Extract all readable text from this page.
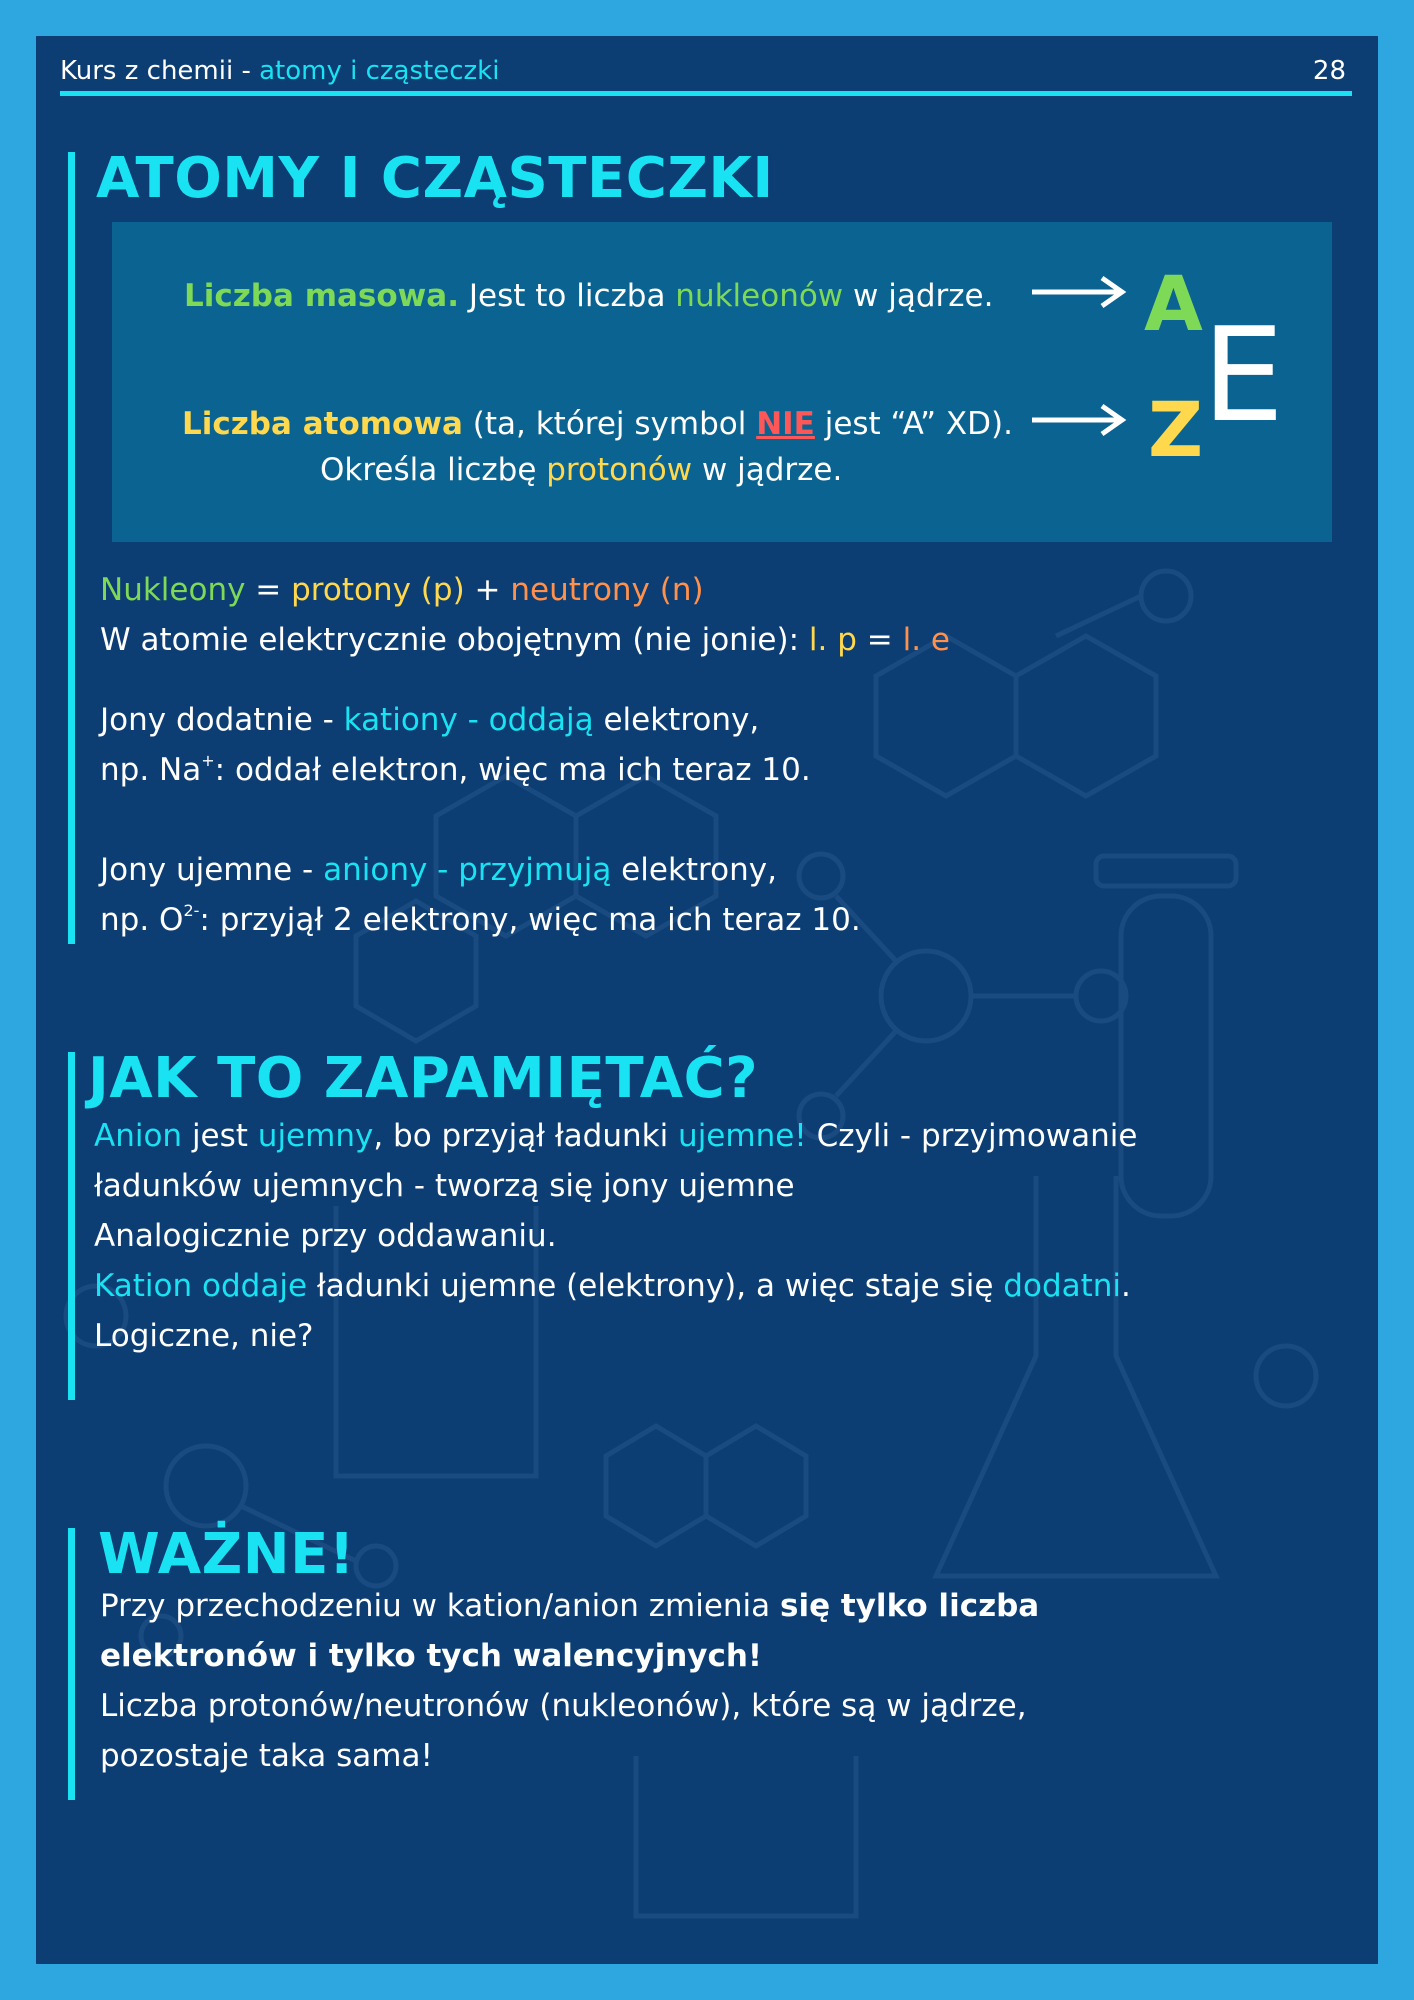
Kurs z chemii - atomy i cząsteczki	28
ATOMY I CZĄSTECZKI
Liczba masowa. Jest to liczba nukleonów w jądrze.
Liczba atomowa (ta, której symbol NIE jest “A” XD).
Określa liczbę protonów w jądrze.
A
Z
E
Nukleony = protony (p) + neutrony (n)
W atomie elektrycznie obojętnym (nie jonie): l. p = l. e
Jony dodatnie - kationy - oddają elektrony,
np. Na+: oddał elektron, więc ma ich teraz 10.
Jony ujemne - aniony - przyjmują elektrony,
np. $O^{2-}$: przyjął 2 elektrony, więc ma ich teraz 10.
JAK TO ZAPAMIĘTAĆ?
Anion jest ujemny, bo przyjął ładunki ujemne! Czyli - przyjmowanie
ładunków ujemnych - tworzą się jony ujemne
Analogicznie przy oddawaniu.
Kation oddaje ładunki ujemne (elektrony), a więc staje się dodatni.
Logiczne, nie?
WAŻNE!
Przy przechodzeniu w kation/anion zmienia się tylko liczba
elektronów i tylko tych walencyjnych!
Liczba protonów/neutronów (nukleonów), które są w jądrze,
pozostaje taka sama!
